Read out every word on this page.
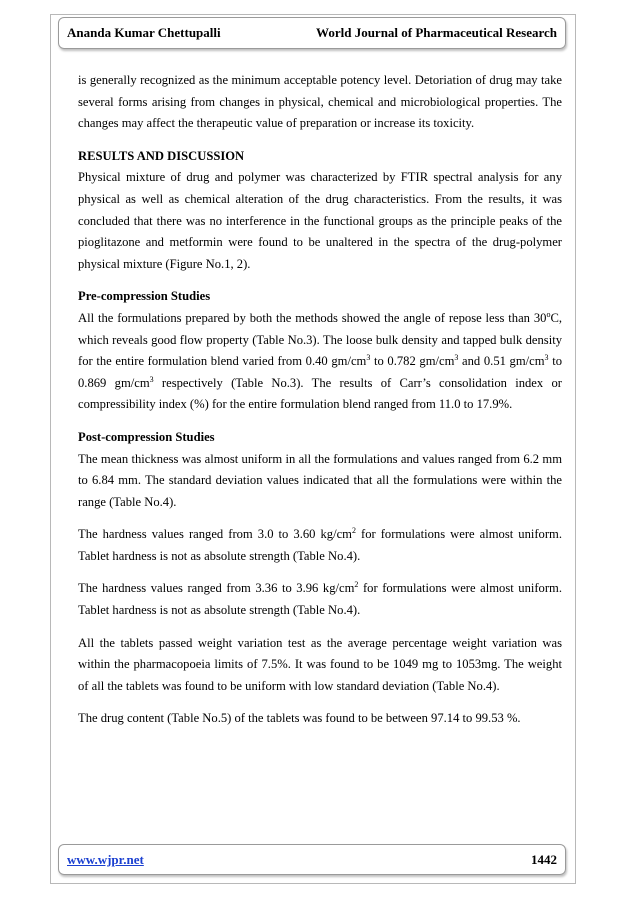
Ananda Kumar Chettupalli	World Journal of Pharmaceutical Research

is generally recognized as the minimum acceptable potency level. Detoriation of drug may take several forms arising from changes in physical, chemical and microbiological properties. The changes may affect the therapeutic value of preparation or increase its toxicity.

RESULTS AND DISCUSSION

Physical mixture of drug and polymer was characterized by FTIR spectral analysis for any physical as well as chemical alteration of the drug characteristics. From the results, it was concluded that there was no interference in the functional groups as the principle peaks of the pioglitazone and metformin were found to be unaltered in the spectra of the drug-polymer physical mixture (Figure No.1, 2).

Pre-compression Studies

All the formulations prepared by both the methods showed the angle of repose less than 30$^o$C, which reveals good flow property (Table No.3). The loose bulk density and tapped bulk density for the entire formulation blend varied from 0.40 $gm/cm^3$ to 0.782 $gm/cm^3$ and 0.51 $gm/cm^3$ to 0.869 $gm/cm^3$ respectively (Table No.3). The results of Carr’s consolidation index or compressibility index (%) for the entire formulation blend ranged from 11.0 to 17.9%.

Post-compression Studies

The mean thickness was almost uniform in all the formulations and values ranged from 6.2 mm to 6.84 mm. The standard deviation values indicated that all the formulations were within the range (Table No.4).

The hardness values ranged from 3.0 to 3.60 $kg/cm^2$ for formulations were almost uniform. Tablet hardness is not as absolute strength (Table No.4).

The hardness values ranged from 3.36 to 3.96 $kg/cm^2$ for formulations were almost uniform. Tablet hardness is not as absolute strength (Table No.4).

All the tablets passed weight variation test as the average percentage weight variation was within the pharmacopoeia limits of 7.5%. It was found to be 1049 mg to 1053mg. The weight of all the tablets was found to be uniform with low standard deviation (Table No.4).

The drug content (Table No.5) of the tablets was found to be between 97.14 to 99.53 %.

www.wjpr.net	1442
